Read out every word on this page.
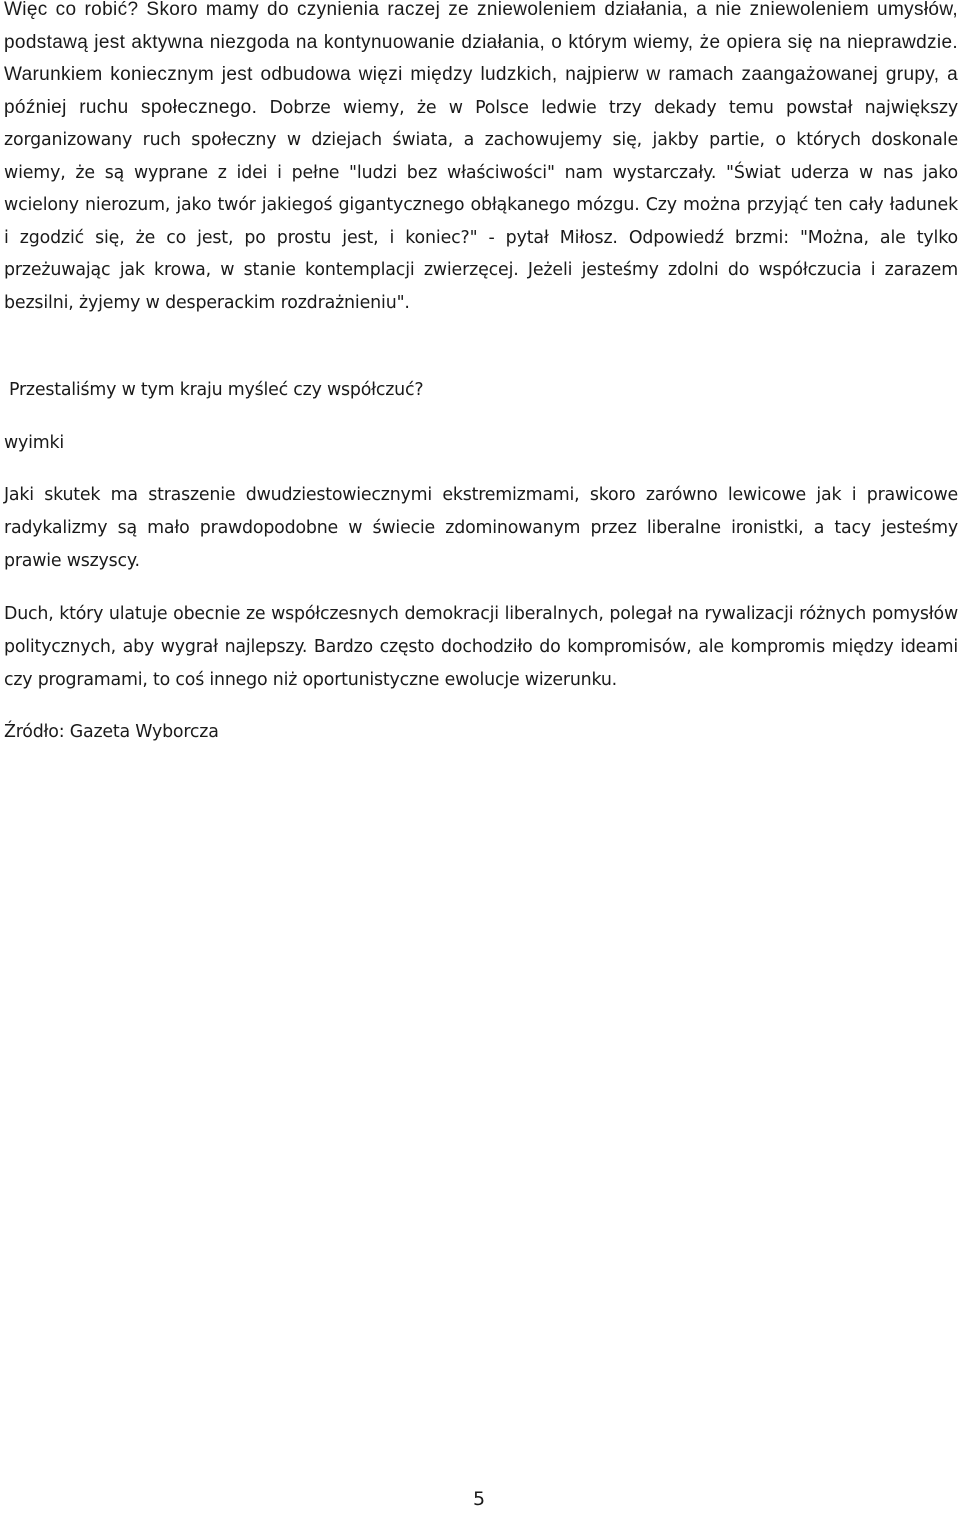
Więc co robić? Skoro mamy do czynienia raczej ze zniewoleniem działania, a nie zniewoleniem umysłów, podstawą jest aktywna niezgoda na kontynuowanie działania, o którym wiemy, że opiera się na nieprawdzie. Warunkiem koniecznym jest odbudowa więzi między ludzkich, najpierw w ramach zaangażowanej grupy, a później ruchu społecznego. Dobrze wiemy, że w Polsce ledwie trzy dekady temu powstał największy zorganizowany ruch społeczny w dziejach świata, a zachowujemy się, jakby partie, o których doskonale wiemy, że są wyprane z idei i pełne "ludzi bez właściwości" nam wystarczały. "Świat uderza w nas jako wcielony nierozum, jako twór jakiegoś gigantycznego obłąkanego mózgu. Czy można przyjąć ten cały ładunek i zgodzić się, że co jest, po prostu jest, i koniec?" - pytał Miłosz. Odpowiedź brzmi: "Można, ale tylko przeżuwając jak krowa, w stanie kontemplacji zwierzęcej. Jeżeli jesteśmy zdolni do współczucia i zarazem bezsilni, żyjemy w desperackim rozdrażnieniu".

Przestaliśmy w tym kraju myśleć czy współczuć?

wyimki

Jaki skutek ma straszenie dwudziestowiecznymi ekstremizmami, skoro zarówno lewicowe jak i prawicowe radykalizmy są mało prawdopodobne w świecie zdominowanym przez liberalne ironistki, a tacy jesteśmy prawie wszyscy.

Duch, który ulatuje obecnie ze współczesnych demokracji liberalnych, polegał na rywalizacji różnych pomysłów politycznych, aby wygrał najlepszy. Bardzo często dochodziło do kompromisów, ale kompromis między ideami czy programami, to coś innego niż oportunistyczne ewolucje wizerunku.

Źródło: Gazeta Wyborcza

5
